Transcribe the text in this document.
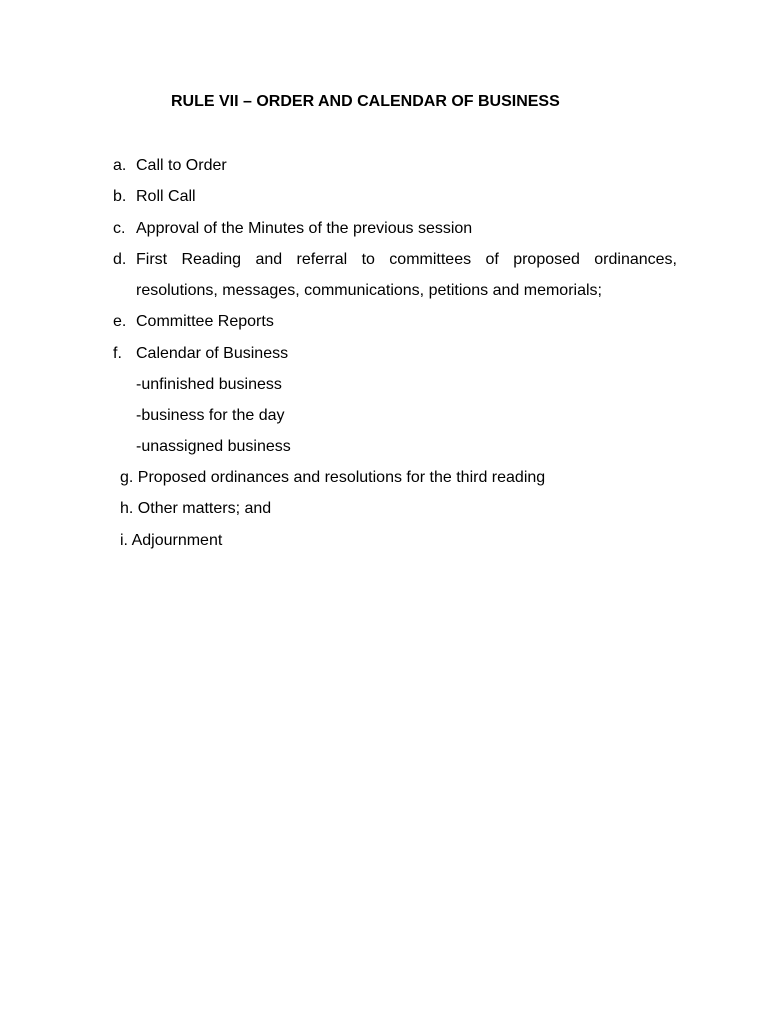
RULE VII – ORDER AND CALENDAR OF BUSINESS
a. Call to Order
b. Roll Call
c. Approval of the Minutes of the previous session
d. First Reading and referral to committees of proposed ordinances,
resolutions, messages, communications, petitions and memorials;
e. Committee Reports
f. Calendar of Business
-unfinished business
-business for the day
-unassigned business
g. Proposed ordinances and resolutions for the third reading
h. Other matters; and
i. Adjournment
